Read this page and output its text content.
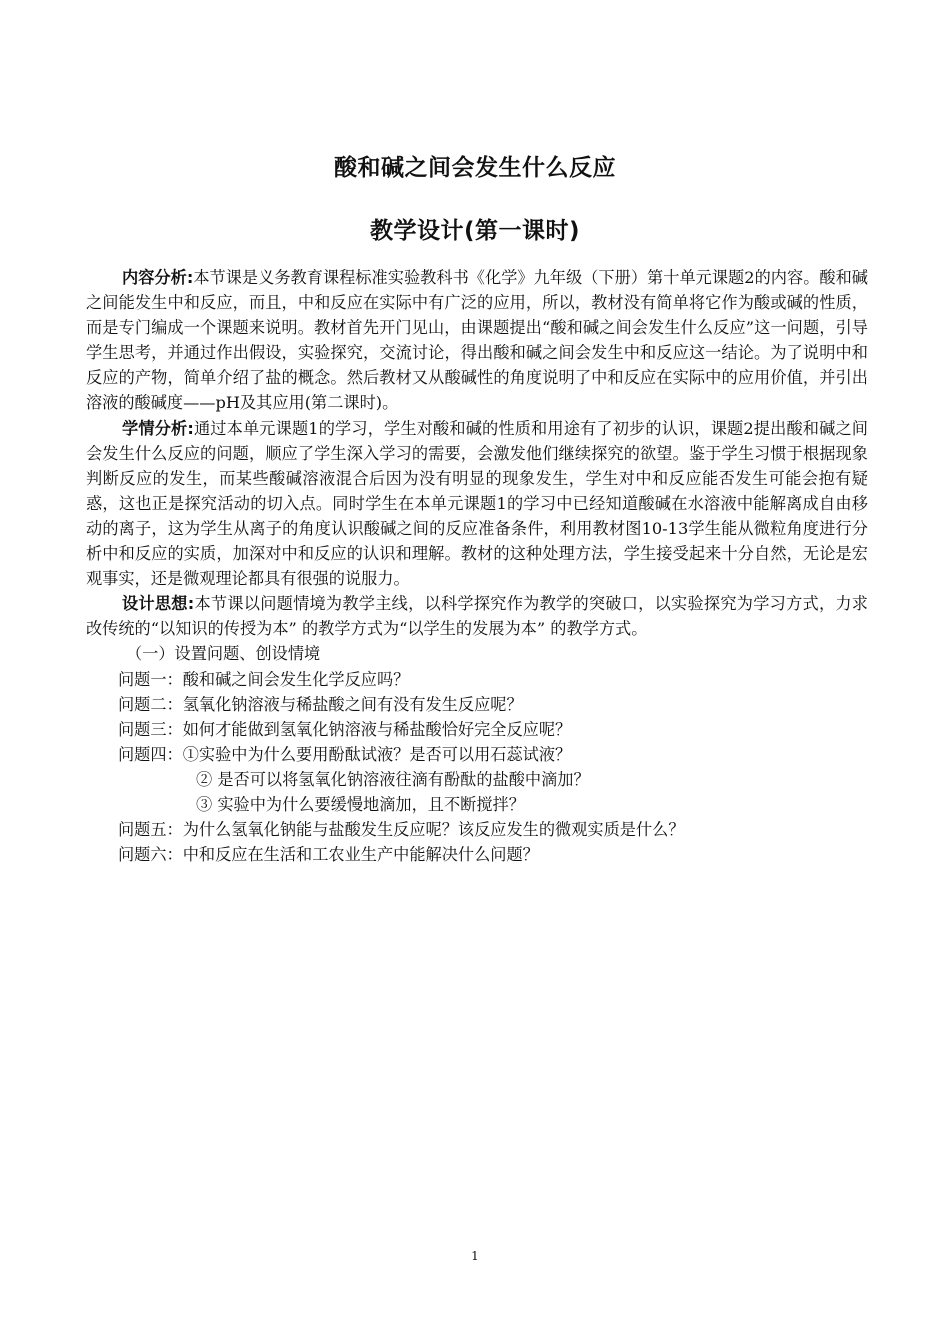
酸和碱之间会发生什么反应
教学设计(第一课时)

内容分析:本节课是义务教育课程标准实验教科书《化学》九年级（下册）第十单元课题2的内容。酸和碱之间能发生中和反应，而且，中和反应在实际中有广泛的应用，所以，教材没有简单将它作为酸或碱的性质，而是专门编成一个课题来说明。教材首先开门见山，由课题提出“酸和碱之间会发生什么反应”这一问题，引导学生思考，并通过作出假设，实验探究，交流讨论，得出酸和碱之间会发生中和反应这一结论。为了说明中和反应的产物，简单介绍了盐的概念。然后教材又从酸碱性的角度说明了中和反应在实际中的应用价值，并引出溶液的酸碱度——pH及其应用(第二课时)。

学情分析:通过本单元课题1的学习，学生对酸和碱的性质和用途有了初步的认识，课题2提出酸和碱之间会发生什么反应的问题，顺应了学生深入学习的需要，会激发他们继续探究的欲望。鉴于学生习惯于根据现象判断反应的发生，而某些酸碱溶液混合后因为没有明显的现象发生，学生对中和反应能否发生可能会抱有疑惑，这也正是探究活动的切入点。同时学生在本单元课题1的学习中已经知道酸碱在水溶液中能解离成自由移动的离子，这为学生从离子的角度认识酸碱之间的反应准备条件，利用教材图10-13学生能从微粒角度进行分析中和反应的实质，加深对中和反应的认识和理解。教材的这种处理方法，学生接受起来十分自然，无论是宏观事实，还是微观理论都具有很强的说服力。

设计思想:本节课以问题情境为教学主线，以科学探究作为教学的突破口，以实验探究为学习方式，力求改传统的“以知识的传授为本” 的教学方式为“以学生的发展为本” 的教学方式。

（一）设置问题、创设情境

问题一：酸和碱之间会发生化学反应吗？

问题二：氢氧化钠溶液与稀盐酸之间有没有发生反应呢？

问题三：如何才能做到氢氧化钠溶液与稀盐酸恰好完全反应呢？

问题四：①实验中为什么要用酚酞试液？是否可以用石蕊试液？

② 是否可以将氢氧化钠溶液往滴有酚酞的盐酸中滴加？

③ 实验中为什么要缓慢地滴加，且不断搅拌？

问题五：为什么氢氧化钠能与盐酸发生反应呢？该反应发生的微观实质是什么？

问题六：中和反应在生活和工农业生产中能解决什么问题？

1
